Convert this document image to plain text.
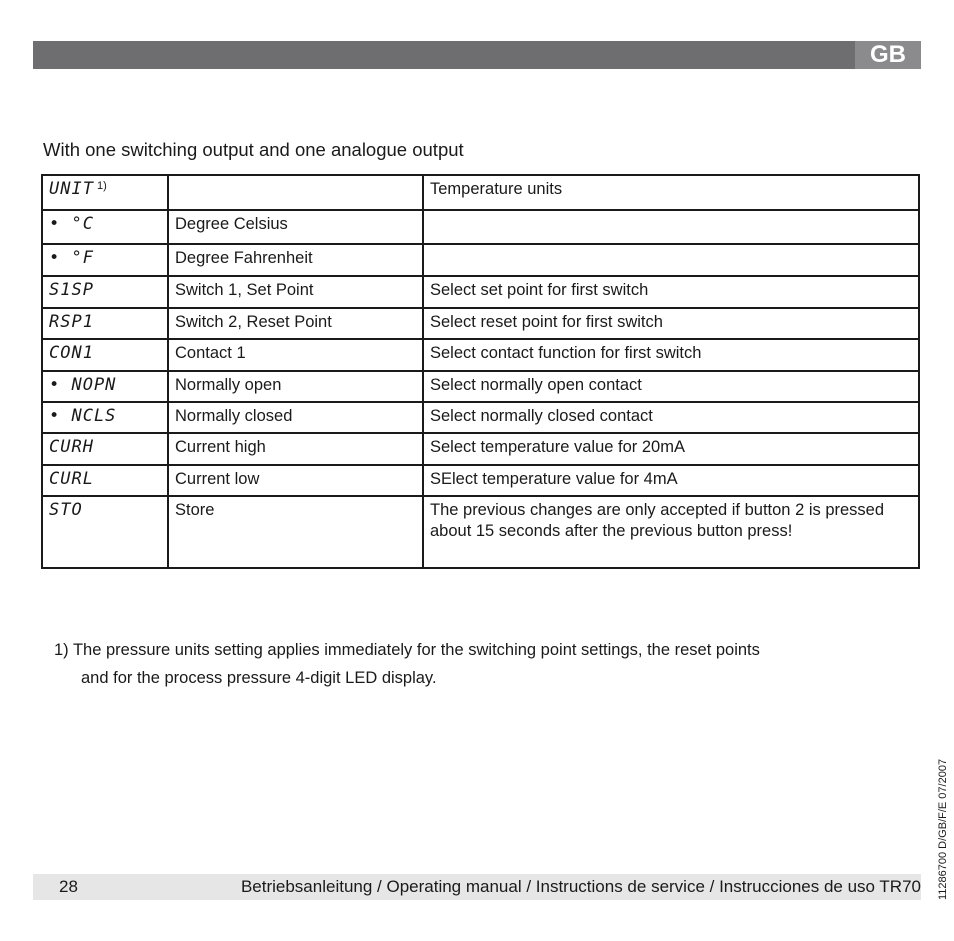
GB
With one switching output and one analogue output
UNIT $^{1)}$		Temperature units
• °C	Degree Celsius	
• °F	Degree Fahrenheit	
S1SP	Switch 1, Set Point	Select set point for first switch
RSP1	Switch 2, Reset Point	Select reset point for first switch
CON1	Contact 1	Select contact function for first switch
• NOPN	Normally open	Select normally open contact
• NCLS	Normally closed	Select normally closed contact
CURH	Current high	Select temperature value for 20mA
CURL	Current low	SElect temperature value for 4mA
STO	Store	The previous changes are only accepted if button 2 is pressed about 15 seconds after the previous button press!
1) The pressure units setting applies immediately for the switching point settings, the reset points
and for the process pressure 4-digit LED display.
28	Betriebsanleitung / Operating manual / Instructions de service / Instrucciones de uso TR70 11286700 D/GB/F/E 07/2007
